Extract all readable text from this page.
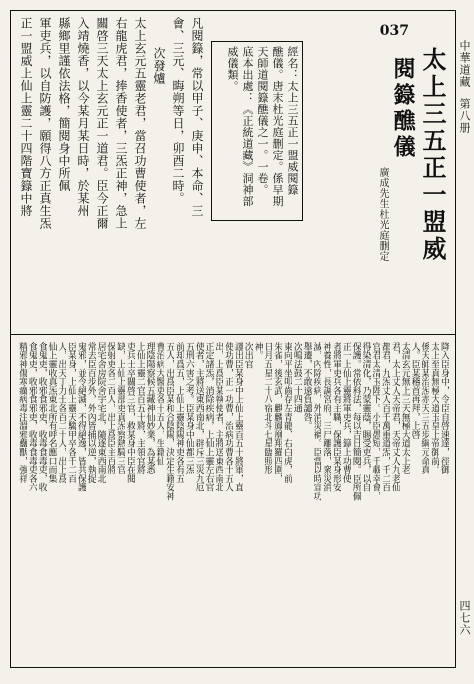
中華道藏
第八册
四七六
037
太上三五正一盟威
閱籙醮儀
廣成先生杜光庭删定
經名：太上三五正一盟威閱籙
醮儀。唐末杜光庭删定。係早期
天師道閱籙醮儀之一。一卷。
底本出處：《正統道藏》洞神部
威儀類。
凡閱籙，常以甲子、庚申、本命、三
會、三元、晦朔等日，卯酉二時。
次發爐
太上玄元五靈老君，當召功曹使者，左
右龍虎君，捧香使者，三炁正神，急上
關啓三天太上玄元正一道君。臣今正爾
入靖燒香，以今某月某日時，於某州
縣鄉里謹依法格，簡閱身中所佩
軍吏兵，以自防護，願得八方正真生炁
正一盟威上仙上靈二十四階寶籙中將
降入臣身中，令臣自啓速達，徑御
太上至真無極大道玉皇上帝御前。
係天師某治炁赤天三五步綱元命真
人。臣某稽首再拜，上啓
太清玄元無上三天無極大道太上老
君，太上丈人天帝君，天帝丈人九老仙
都君，九炁丈人百千萬重道炁，千二百
官君太清玉陛下。小臣愚短，千載幸會，
得染清化，乃蒙靈蔭，賜受吏兵，以自
保護。常依科法，每以吉日簡閱。臣所佩
正一上仙上靈將軍吏兵，籙上功曹使
者將軍吏兵各有主職，保護臣某身形安
神養性，長調宮府，三尸離落，衆災消
滅，內除疾病，外消災禍。臣當以時宣功
舉遷，不敢遠負譴咎。
次鳴法鼓二十四通
東向平坐叩齒存左青龍、右白虎，前
朱雀，後玄武，麒麟鳳凰翔羅四圍，
日月五星二十八宿北斗七星臨照形
神。
次出官
謹出臣某身中上仙上靈百五十將軍，直
使功曹，正一功曹，治病功曹各十五人
出，上爲臣某執使者，主將送東西南北
正定諸炁，消除疾病，上仙上靈左右官
使者，主將送東西南北，辟斥三災九厄
五刑六害之考。臣某身中仙都三炁
前却爲五，上仙上靈陰陽神吏各有五
五人，出爲臣某和合陰陽，決定生籍安神
曹治病大醫吏各十五人，生籍仙
理陰陽察候五藏神仙妙業，為某悉
上仙上靈二官百五十將，主領官將
吏兵士卒關啓三官，救某身中臣在閱
缺，上仙上靈部吏真炁察熱騎三官
保射吏各二百人，出上爲臣主百將
居宅舍房院舍宇宅北，隨逐東西南北
常去臣百步外，外內皆捕以逆，執捉
鬼邪，並令絕滅，不得絕逸，皆共保護
臣某身，上仙上靈天騶甲卒各千二百
人，出天丁力士各百二十人，出上爲
仙上靈收真炁東北所有呼名應口而集
食鬼吏，收邪食邪吏，收毒食毒吏，收
食鬼吏，收邪食邪吏，收毒食毒吏各六
精邪神傷寒癘病毒注溫邪蠱獸，強祥
